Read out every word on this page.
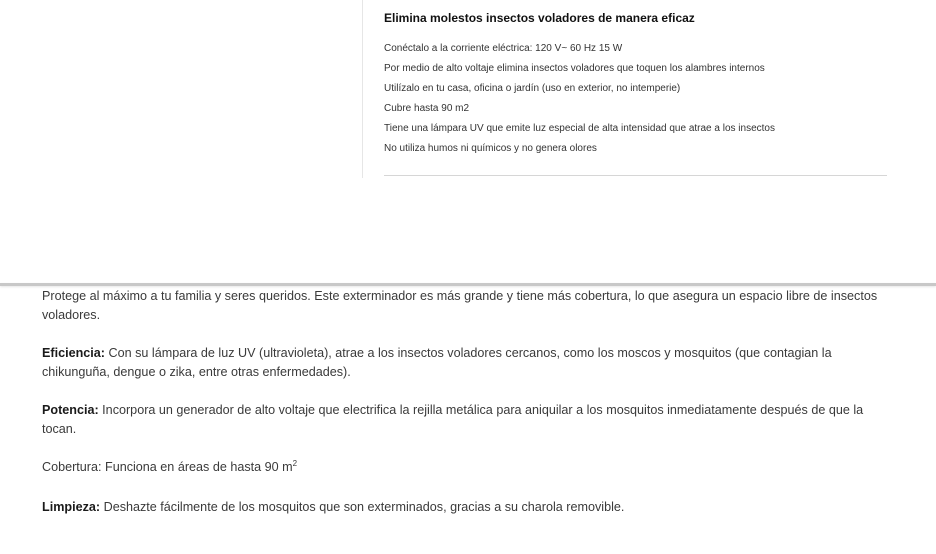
Elimina molestos insectos voladores de manera eficaz
Conéctalo a la corriente eléctrica: 120 V~ 60 Hz 15 W
Por medio de alto voltaje elimina insectos voladores que toquen los alambres internos
Utilízalo en tu casa, oficina o jardín (uso en exterior, no intemperie)
Cubre hasta 90 m2
Tiene una lámpara UV que emite luz especial de alta intensidad que atrae a los insectos
No utiliza humos ni químicos y no genera olores

Protege al máximo a tu familia y seres queridos. Este exterminador es más grande y tiene más cobertura, lo que asegura un espacio libre de insectos voladores.

Eficiencia: Con su lámpara de luz UV (ultravioleta), atrae a los insectos voladores cercanos, como los moscos y mosquitos (que contagian la chikunguña, dengue o zika, entre otras enfermedades).

Potencia: Incorpora un generador de alto voltaje que electrifica la rejilla metálica para aniquilar a los mosquitos inmediatamente después de que la tocan.

Cobertura: Funciona en áreas de hasta 90 $m^2$

Limpieza: Deshazte fácilmente de los mosquitos que son exterminados, gracias a su charola removible.
